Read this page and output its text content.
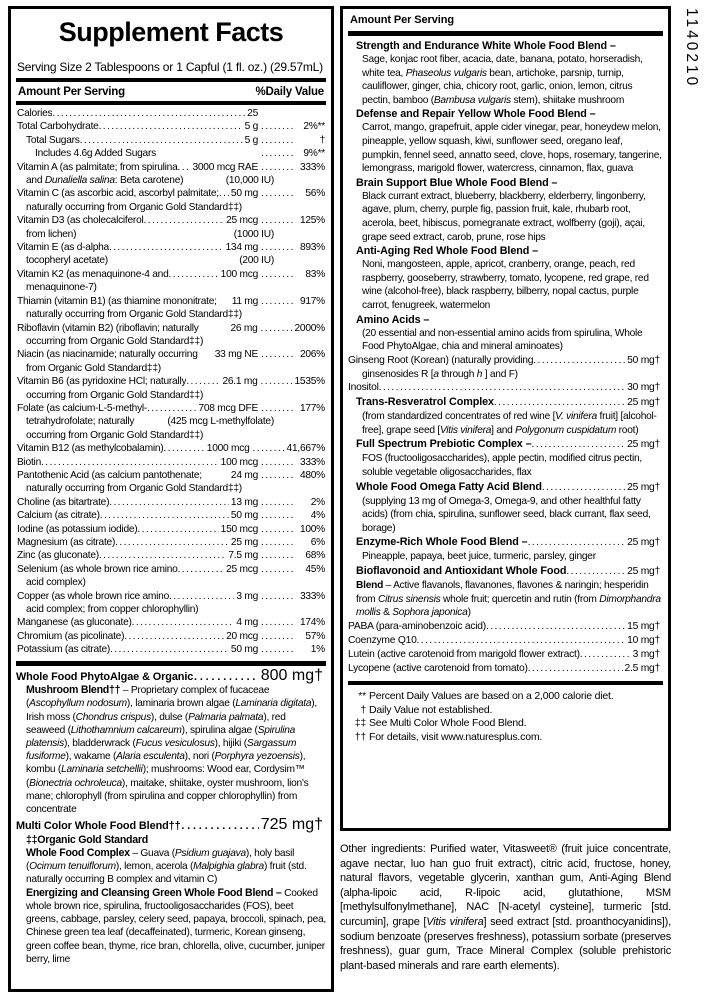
Supplement Facts
Serving Size 2 Tablespoons or 1 Capful (1 fl. oz.) (29.57mL)
Amount Per Serving	%Daily Value
Calories .....	25
Total Carbohydrate .....	5 g .....	2%**
Total Sugars .....	5 g .....	†
Includes 4.6g Added Sugars .....	9%**
Vitamin A (as palmitate; from spirulina ..... 3000 mcg RAE .....	333%
and Dunaliella salina: Beta carotene)	(10,000 IU)
Vitamin C (as ascorbic acid, ascorbyl palmitate; ..... 50 mg .....	56%
naturally occurring from Organic Gold Standard‡‡)
Vitamin D3 (as cholecalciferol .....	25 mcg .....	125%
from lichen)	(1000 IU)
Vitamin E (as d-alpha .....	134 mg .....	893%
tocopheryl acetate)	(200 IU)
Vitamin K2 (as menaquinone-4 and .....	100 mcg .....	83%
menaquinone-7)
Thiamin (vitamin B1) (as thiamine mononitrate; 11 mg .....	917%
naturally occurring from Organic Gold Standard‡‡)
Riboflavin (vitamin B2) (riboflavin; naturally	26 mg .....	2000%
occurring from Organic Gold Standard‡‡)
Niacin (as niacinamide; naturally occurring 33 mg NE .....	206%
from Organic Gold Standard‡‡)
Vitamin B6 (as pyridoxine HCl; naturally .....	26.1 mg .....	1535%
occurring from Organic Gold Standard‡‡)
Folate (as calcium-L-5-methyl- .....	708 mcg DFE .....	177%
tetrahydrofolate; naturally	(425 mcg L-methylfolate)
occurring from Organic Gold Standard‡‡)
Vitamin B12 (as methylcobalamin) .....	1000 mcg .....	41,667%
Biotin .....	100 mcg .....	333%
Pantothenic Acid (as calcium pantothenate;	24 mg .....	480%
naturally occurring from Organic Gold Standard‡‡)
Choline (as bitartrate) .....	13 mg .....	2%
Calcium (as citrate) .....	50 mg .....	4%
Iodine (as potassium iodide) .....	150 mcg .....	100%
Magnesium (as citrate) .....	25 mg .....	6%
Zinc (as gluconate) .....	7.5 mg .....	68%
Selenium (as whole brown rice amino .....	25 mcg .....	45%
acid complex)
Copper (as whole brown rice amino .....	3 mg .....	333%
acid complex; from copper chlorophyllin)
Manganese (as gluconate) .....	4 mg .....	174%
Chromium (as picolinate) .....	20 mcg .....	57%
Potassium (as citrate) .....	50 mg .....	1%
Whole Food PhytoAlgae & Organic .....	800 mg†
Mushroom Blend†† – Proprietary complex of fucaceae (Ascophyllum nodosum), laminaria brown algae (Laminaria digitata), Irish moss (Chondrus crispus), dulse (Palmaria palmata), red seaweed (Lithothamnium calcareum), spirulina algae (Spirulina platensis), bladderwrack (Fucus vesiculosus), hijiki (Sargassum fusiforme), wakame (Alaria esculenta), nori (Porphyra yezoensis), kombu (Laminaria setchellii); mushrooms: Wood ear, Cordysim™ (Bionectria ochroleuca), maitake, shiitake, oyster mushroom, lion's mane; chlorophyll (from spirulina and copper chlorophyllin) from concentrate
Multi Color Whole Food Blend†† .....	725 mg†
‡‡Organic Gold Standard
Whole Food Complex – Guava (Psidium guajava), holy basil (Ocimum tenuiflorum), lemon, acerola (Malpighia glabra) fruit (std. naturally occurring B complex and vitamin C)
Energizing and Cleansing Green Whole Food Blend – Cooked whole brown rice, spirulina, fructooligosaccharides (FOS), beet greens, cabbage, parsley, celery seed, papaya, broccoli, spinach, pea, Chinese green tea leaf (decaffeinated), turmeric, Korean ginseng, green coffee bean, thyme, rice bran, chlorella, olive, cucumber, juniper berry, lime
Amount Per Serving
Strength and Endurance White Whole Food Blend –
Sage, konjac root fiber, acacia, date, banana, potato, horseradish, white tea, Phaseolus vulgaris bean, artichoke, parsnip, turnip, cauliflower, ginger, chia, chicory root, garlic, onion, lemon, citrus pectin, bamboo (Bambusa vulgaris stem), shiitake mushroom
Defense and Repair Yellow Whole Food Blend –
Carrot, mango, grapefruit, apple cider vinegar, pear, honeydew melon, pineapple, yellow squash, kiwi, sunflower seed, oregano leaf, pumpkin, fennel seed, annatto seed, clove, hops, rosemary, tangerine, lemongrass, marigold flower, watercress, cinnamon, flax, guava
Brain Support Blue Whole Food Blend –
Black currant extract, blueberry, blackberry, elderberry, lingonberry, agave, plum, cherry, purple fig, passion fruit, kale, rhubarb root, acerola, beet, hibiscus, pomegranate extract, wolfberry (goji), açai, grape seed extract, carob, prune, rose hips
Anti-Aging Red Whole Food Blend –
Noni, mangosteen, apple, apricot, cranberry, orange, peach, red raspberry, gooseberry, strawberry, tomato, lycopene, red grape, red wine (alcohol-free), black raspberry, bilberry, nopal cactus, purple carrot, fenugreek, watermelon
Amino Acids –
(20 essential and non-essential amino acids from spirulina, Whole Food PhytoAlgae, chia and mineral aminoates)
Ginseng Root (Korean) (naturally providing .....	50 mg†
ginsenosides R [a through h ] and F)
Inositol .....	30 mg†
Trans-Resveratrol Complex .....	25 mg†
(from standardized concentrates of red wine [V. vinifera fruit] [alcohol-free], grape seed [Vitis vinifera] and Polygonum cuspidatum root)
Full Spectrum Prebiotic Complex – .....	25 mg†
FOS (fructooligosaccharides), apple pectin, modified citrus pectin, soluble vegetable oligosaccharides, flax
Whole Food Omega Fatty Acid Blend .....	25 mg†
(supplying 13 mg of Omega-3, Omega-9, and other healthful fatty acids) (from chia, spirulina, sunflower seed, black currant, flax seed, borage)
Enzyme-Rich Whole Food Blend – .....	25 mg†
Pineapple, papaya, beet juice, turmeric, parsley, ginger
Bioflavonoid and Antioxidant Whole Food .....	25 mg†
Blend – Active flavanols, flavanones, flavones & naringin; hesperidin from Citrus sinensis whole fruit; quercetin and rutin (from Dimorphandra mollis & Sophora japonica)
PABA (para-aminobenzoic acid) .....	15 mg†
Coenzyme Q10 .....	10 mg†
Lutein (active carotenoid from marigold flower extract) .....	3 mg†
Lycopene (active carotenoid from tomato) .....	2.5 mg†
** Percent Daily Values are based on a 2,000 calorie diet.
† Daily Value not established.
‡‡ See Multi Color Whole Food Blend.
†† For details, visit www.naturesplus.com.
Other ingredients: Purified water, Vitasweet® (fruit juice concentrate, agave nectar, luo han guo fruit extract), citric acid, fructose, honey, natural flavors, vegetable glycerin, xanthan gum, Anti-Aging Blend (alpha-lipoic acid, R-lipoic acid, glutathione, MSM [methylsulfonylmethane], NAC [N-acetyl cysteine], turmeric [std. curcumin], grape [Vitis vinifera] seed extract [std. proanthocyanidins]), sodium benzoate (preserves freshness), potassium sorbate (preserves freshness), guar gum, Trace Mineral Complex (soluble prehistoric plant-based minerals and rare earth elements).
1140210
